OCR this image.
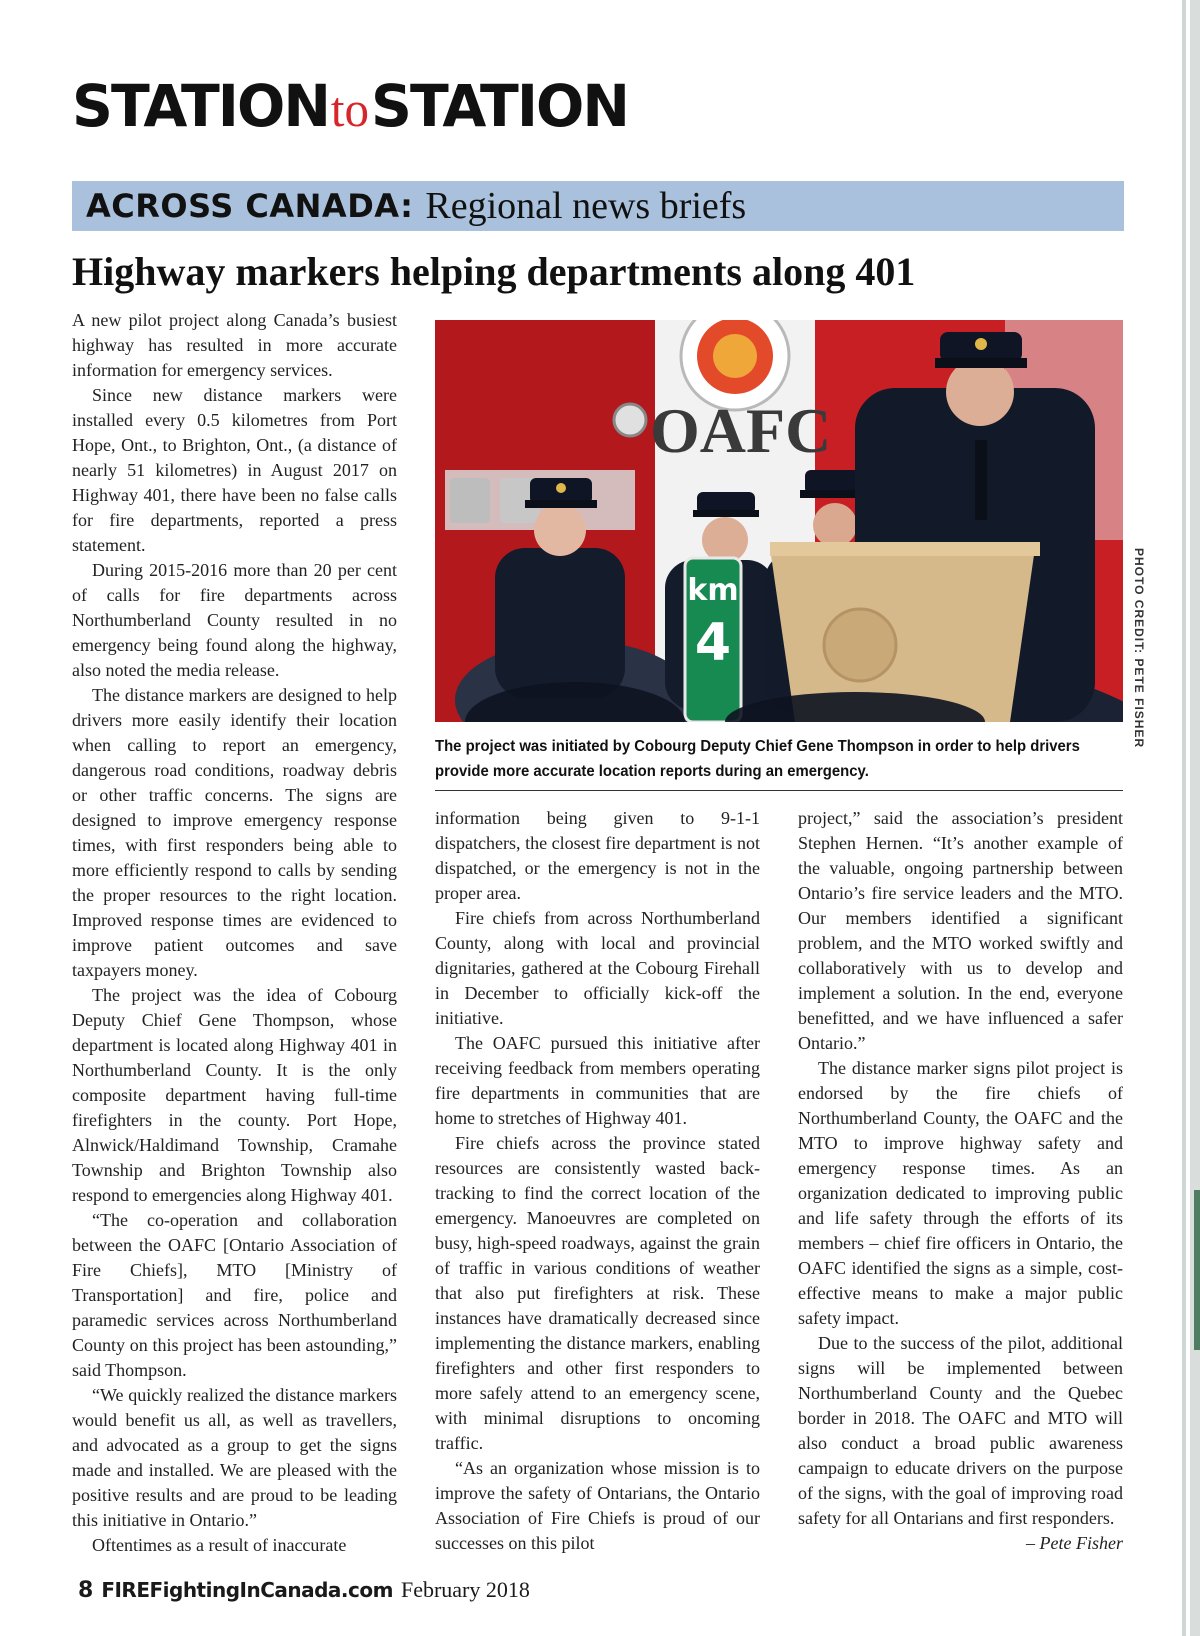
STATIONtoSTATION
ACROSS CANADA: Regional news briefs
Highway markers helping departments along 401

A new pilot project along Canada’s busiest highway has resulted in more accurate information for emergency services.

Since new distance markers were installed every 0.5 kilometres from Port Hope, Ont., to Brighton, Ont., (a distance of nearly 51 kilometres) in August 2017 on Highway 401, there have been no false calls for fire departments, reported a press statement.

During 2015-2016 more than 20 per cent of calls for fire departments across Northumberland County resulted in no emergency being found along the highway, also noted the media release.

The distance markers are designed to help drivers more easily identify their location when calling to report an emergency, dangerous road conditions, roadway debris or other traffic concerns. The signs are designed to improve emergency response times, with first responders being able to more efficiently respond to calls by sending the proper resources to the right location. Improved response times are evidenced to improve patient outcomes and save taxpayers money.

The project was the idea of Cobourg Deputy Chief Gene Thompson, whose department is located along Highway 401 in Northumberland County. It is the only composite department having full-time firefighters in the county. Port Hope, Alnwick/Haldimand Township, Cramahe Township and Brighton Township also respond to emergencies along Highway 401.

“The co-operation and collaboration between the OAFC [Ontario Association of Fire Chiefs], MTO [Ministry of Transportation] and fire, police and paramedic services across Northumberland County on this project has been astounding,” said Thompson.

“We quickly realized the distance markers would benefit us all, as well as travellers, and advocated as a group to get the signs made and installed. We are pleased with the positive results and are proud to be leading this initiative in Ontario.”

Oftentimes as a result of inaccurate

OAFC
km
4	PHOTO CREDIT: PETE FISHER
The project was initiated by Cobourg Deputy Chief Gene Thompson in order to help drivers provide more accurate location reports during an emergency.

information being given to 9-1-1 dispatchers, the closest fire department is not dispatched, or the emergency is not in the proper area.

Fire chiefs from across Northumberland County, along with local and provincial dignitaries, gathered at the Cobourg Firehall in December to officially kick-off the initiative.

The OAFC pursued this initiative after receiving feedback from members operating fire departments in communities that are home to stretches of Highway 401.

Fire chiefs across the province stated resources are consistently wasted back-tracking to find the correct location of the emergency. Manoeuvres are completed on busy, high-speed roadways, against the grain of traffic in various conditions of weather that also put firefighters at risk. These instances have dramatically decreased since implementing the distance markers, enabling firefighters and other first responders to more safely attend to an emergency scene, with minimal disruptions to oncoming traffic.

“As an organization whose mission is to improve the safety of Ontarians, the Ontario Association of Fire Chiefs is proud of our successes on this pilot

project,” said the association’s president Stephen Hernen. “It’s another example of the valuable, ongoing partnership between Ontario’s fire service leaders and the MTO. Our members identified a significant problem, and the MTO worked swiftly and collaboratively with us to develop and implement a solution. In the end, everyone benefitted, and we have influenced a safer Ontario.”

The distance marker signs pilot project is endorsed by the fire chiefs of Northumberland County, the OAFC and the MTO to improve highway safety and emergency response times. As an organization dedicated to improving public and life safety through the efforts of its members – chief fire officers in Ontario, the OAFC identified the signs as a simple, cost-effective means to make a major public safety impact.

Due to the success of the pilot, additional signs will be implemented between Northumberland County and the Quebec border in 2018. The OAFC and MTO will also conduct a broad public awareness campaign to educate drivers on the purpose of the signs, with the goal of improving road safety for all Ontarians and first responders.

– Pete Fisher

8 FIREFightingInCanada.com February 2018
